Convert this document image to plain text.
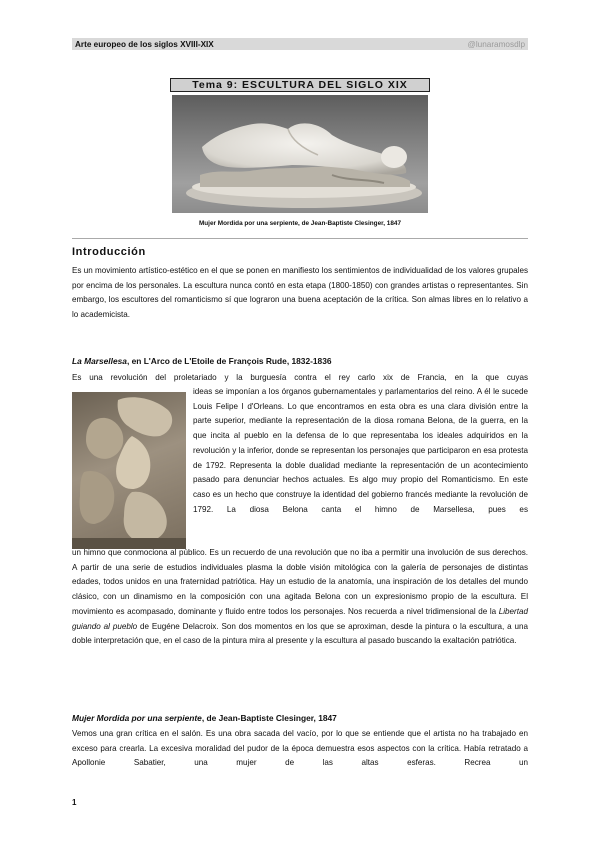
Arte europeo de los siglos XVIII-XIX	@lunaramosdlp
Tema 9: ESCULTURA DEL SIGLO XIX
Mujer Mordida por una serpiente, de Jean-Baptiste Clesinger, 1847
Introducción

Es un movimiento artístico-estético en el que se ponen en manifiesto los sentimientos de individualidad de los valores grupales por encima de los personales. La escultura nunca contó en esta etapa (1800-1850) con grandes artistas o representantes. Sin embargo, los escultores del romanticismo sí que lograron una buena aceptación de la crítica. Son almas libres en lo relativo a lo academicista.

La Marsellesa, en L'Arco de L'Etoile de François Rude, 1832-1836

Es una revolución del proletariado y la burguesía contra el rey carlo xix de Francia, en la que cuyas

ideas se imponían a los órganos gubernamentales y parlamentarios del reino. A él le sucede Louis Felipe I d'Orleans. Lo que encontramos en esta obra es una clara división entre la parte superior, mediante la representación de la diosa romana Belona, de la guerra, en la que incita al pueblo en la defensa de lo que representaba los ideales adquiridos en la revolución y la inferior, donde se representan los personajes que participaron en esa protesta de 1792. Representa la doble dualidad mediante la representación de un acontecimiento pasado para denunciar hechos actuales. Es algo muy propio del Romanticismo. En este caso es un hecho que construye la identidad del gobierno francés mediante la revolución de 1792. La diosa Belona canta el himno de Marsellesa, pues es

un himno que conmociona al público. Es un recuerdo de una revolución que no iba a permitir una involución de sus derechos. A partir de una serie de estudios individuales plasma la doble visión mitológica con la galería de personajes de distintas edades, todos unidos en una fraternidad patriótica. Hay un estudio de la anatomía, una inspiración de los detalles del mundo clásico, con un dinamismo en la composición con una agitada Belona con un expresionismo propio de la escultura. El movimiento es acompasado, dominante y fluido entre todos los personajes. Nos recuerda a nivel tridimensional de la Libertad guiando al pueblo de Eugéne Delacroix. Son dos momentos en los que se aproximan, desde la pintura o la escultura, a una doble interpretación que, en el caso de la pintura mira al presente y la escultura al pasado buscando la exaltación patriótica.

Mujer Mordida por una serpiente, de Jean-Baptiste Clesinger, 1847

Vemos una gran crítica en el salón. Es una obra sacada del vacío, por lo que se entiende que el artista no ha trabajado en exceso para crearla. La excesiva moralidad del pudor de la época demuestra esos aspectos con la crítica. Había retratado a Apollonie Sabatier, una mujer de las altas esferas. Recrea un

1
